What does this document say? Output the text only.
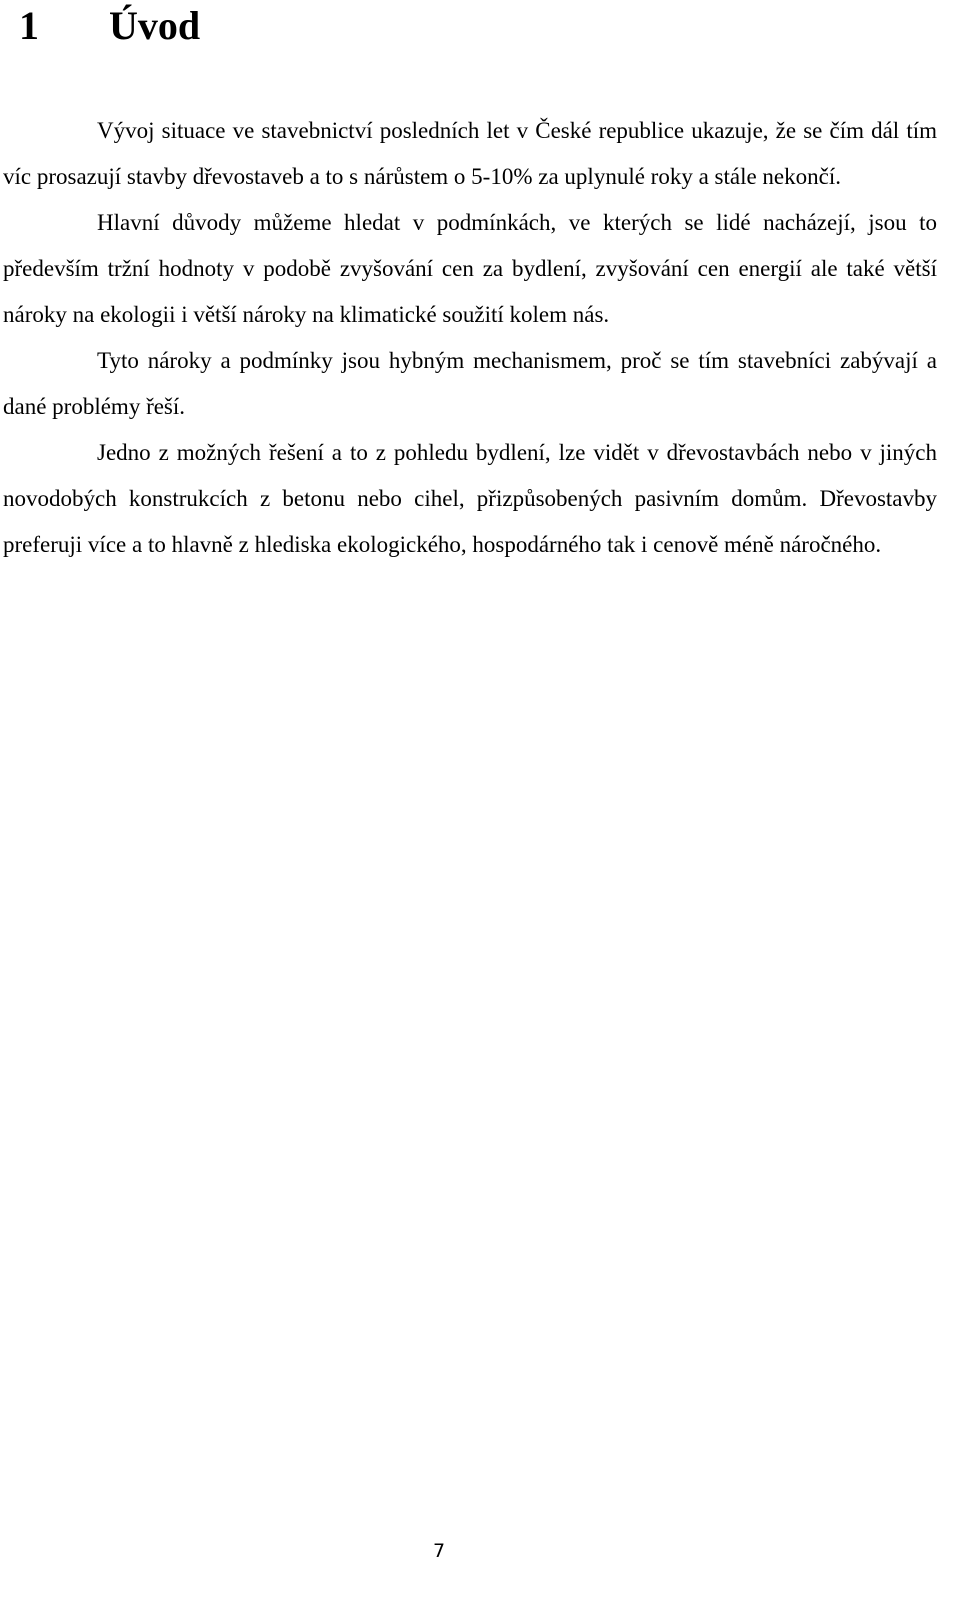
1 Úvod

Vývoj situace ve stavebnictví posledních let v České republice ukazuje, že se čím dál tím víc prosazují stavby dřevostaveb a to s nárůstem o 5-10% za uplynulé roky a stále nekončí.

Hlavní důvody můžeme hledat v podmínkách, ve kterých se lidé nacházejí, jsou to především tržní hodnoty v podobě zvyšování cen za bydlení, zvyšování cen energií ale také větší nároky na ekologii i větší nároky na klimatické soužití kolem nás.

Tyto nároky a podmínky jsou hybným mechanismem, proč se tím stavebníci zabývají a dané problémy řeší.

Jedno z možných řešení a to z pohledu bydlení, lze vidět v dřevostavbách nebo v jiných novodobých konstrukcích z betonu nebo cihel, přizpůsobených pasivním domům. Dřevostavby preferuji více a to hlavně z hlediska ekologického, hospodárného tak i cenově méně náročného.

7
